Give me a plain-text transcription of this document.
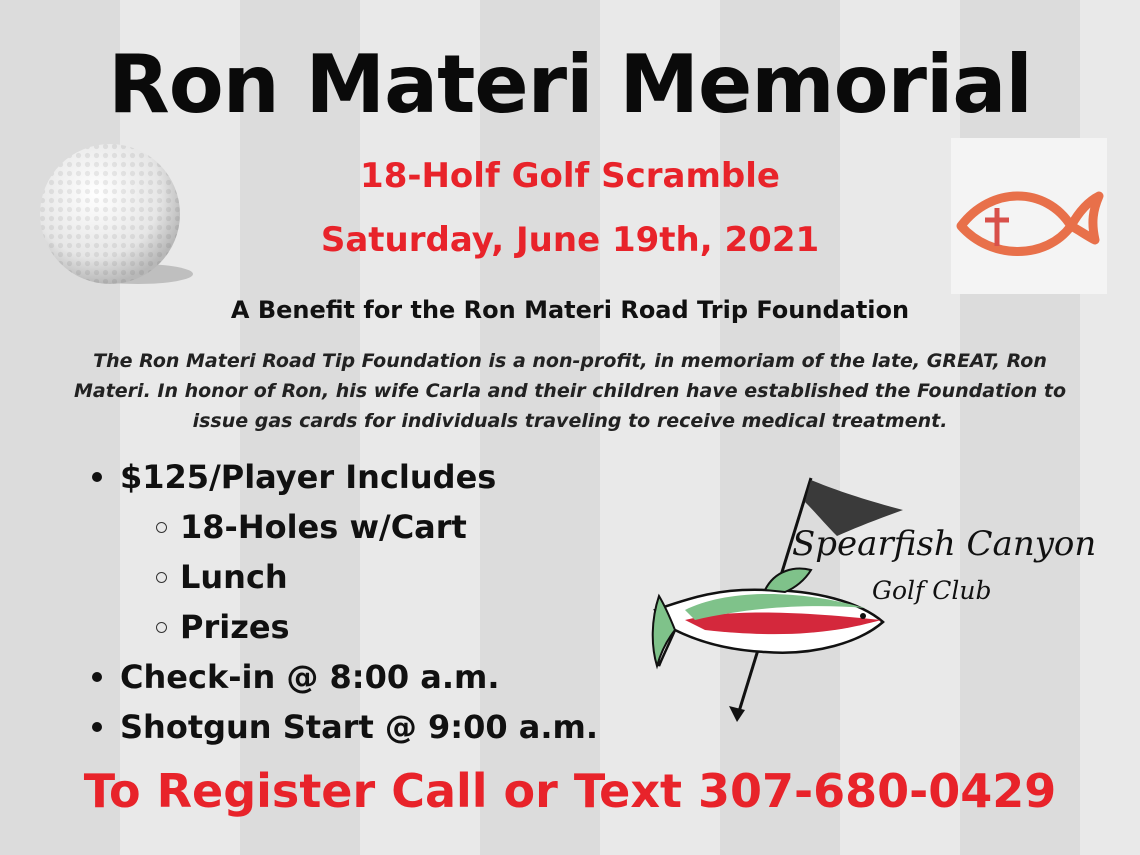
Ron Materi Memorial
18-Holf Golf Scramble
Saturday, June 19th, 2021
A Benefit for the Ron Materi Road Trip Foundation
The Ron Materi Road Tip Foundation is a non-profit, in memoriam of the late, GREAT, Ron Materi. In honor of Ron, his wife Carla and their children have established the Foundation to issue gas cards for individuals traveling to receive medical treatment.
$125/Player Includes
18-Holes w/Cart
Lunch
Prizes
Check-in @ 8:00 a.m.
Shotgun Start @ 9:00 a.m.
Spearfish Canyon
Golf Club
To Register Call or Text 307-680-0429
